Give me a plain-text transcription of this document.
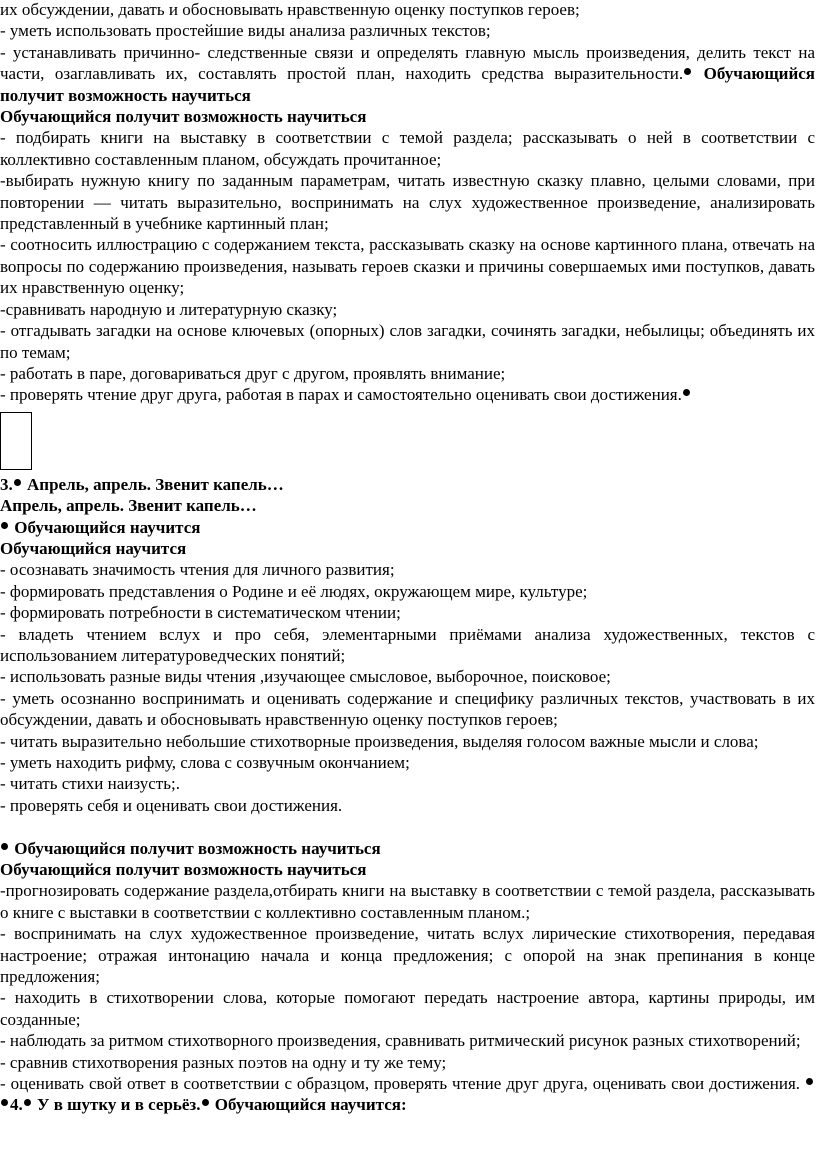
их обсуждении, давать и обосновывать нравственную оценку поступков героев;

- уметь использовать простейшие виды анализа различных текстов;

- устанавливать причинно- следственные связи и определять главную мысль произведения, делить текст на части, озаглавливать их, составлять простой план, находить средства выразительности. Обучающийся получит возможность научиться

Обучающийся получит возможность научиться

- подбирать книги на выставку в соответствии с темой раздела; рассказывать о ней в соответствии с коллективно составленным планом, обсуждать прочитанное;

-выбирать нужную книгу по заданным параметрам, читать известную сказку плавно, целыми словами, при повторении — читать выразительно, воспринимать на слух художественное произведение, анализировать представленный в учебнике картинный план;

- соотносить иллюстрацию с содержанием текста, рассказывать сказку на основе картинного плана, отвечать на вопросы по содержанию произведения, называть героев сказки и причины совершаемых ими поступков, давать их нравственную оценку;

-сравнивать народную и литературную сказку;

- отгадывать загадки на основе ключевых (опорных) слов загадки, сочинять загадки, небылицы; объединять их по темам;

- работать в паре, договариваться друг с другом, проявлять внимание;

- проверять чтение друг друга, работая в парах и самостоятельно оценивать свои достижения.

3. Апрель, апрель. Звенит капель…

Апрель, апрель. Звенит капель…

Обучающийся научится

Обучающийся научится

- осознавать значимость чтения для личного развития;

- формировать представления о Родине и её людях, окружающем мире, культуре;

- формировать потребности в систематическом чтении;

- владеть чтением вслух и про себя, элементарными приёмами анализа художественных, текстов с использованием литературоведческих понятий;

- использовать разные виды чтения ,изучающее смысловое, выборочное, поисковое;

- уметь осознанно воспринимать и оценивать содержание и специфику различных текстов, участвовать в их обсуждении, давать и обосновывать нравственную оценку поступков героев;

- читать выразительно небольшие стихотворные произведения, выделяя голосом важные мысли и слова;

- уметь находить рифму, слова с созвучным окончанием;

- читать стихи наизусть;.

- проверять себя и оценивать свои достижения.

Обучающийся получит возможность научиться

Обучающийся получит возможность научиться

-прогнозировать содержание раздела,отбирать книги на выставку в соответствии с темой раздела, рассказывать о книге с выставки в соответствии с коллективно составленным планом.;

- воспринимать на слух художественное произведение, читать вслух лирические стихотворения, передавая настроение; отражая интонацию начала и конца предложения; с опорой на знак препинания в конце предложения;

- находить в стихотворении слова, которые помогают передать настроение автора, картины природы, им созданные;

- наблюдать за ритмом стихотворного произведения, сравнивать ритмический рисунок разных стихотворений;

- сравнив стихотворения разных поэтов на одну и ту же тему;

- оценивать свой ответ в соответствии с образцом, проверять чтение друг друга, оценивать свои достижения.  4. У в шутку и в серьёз. Обучающийся научится:
